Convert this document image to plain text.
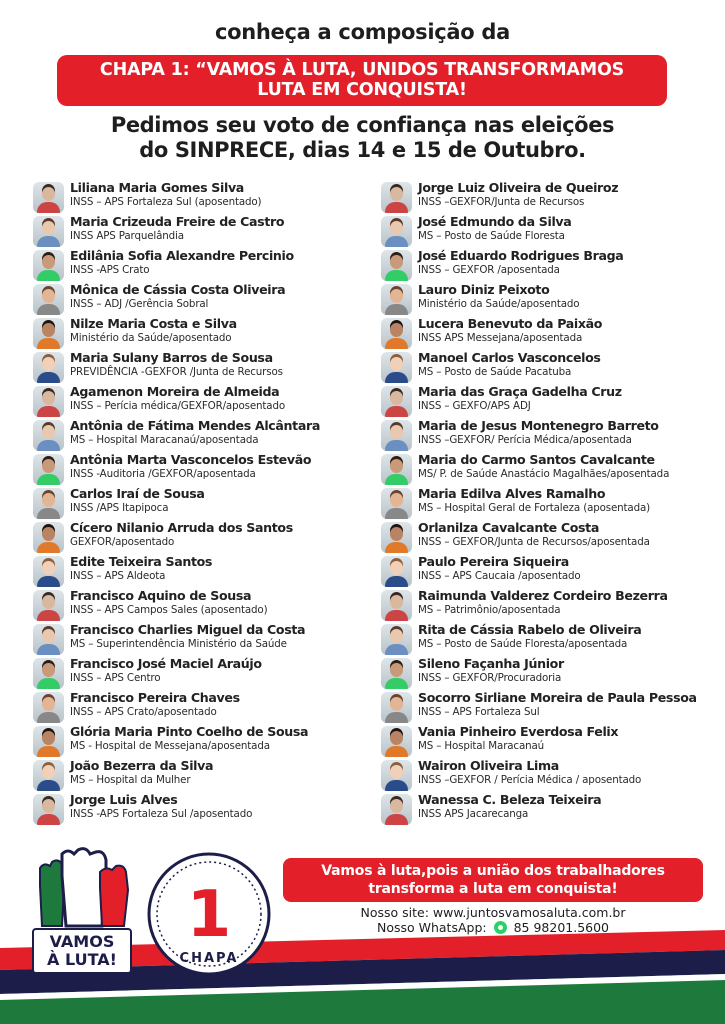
conheça a composição da
CHAPA 1: “VAMOS À LUTA, UNIDOS TRANSFORMAMOS
LUTA EM CONQUISTA!
Pedimos seu voto de confiança nas eleições
do SINPRECE, dias 14 e 15 de Outubro.
Liliana Maria Gomes Silva
INSS – APS Fortaleza Sul (aposentado)
Maria Crizeuda Freire de Castro
INSS APS Parquelândia
Edilânia Sofia Alexandre Percinio
INSS -APS Crato
Mônica de Cássia Costa Oliveira
INSS – ADJ /Gerência Sobral
Nilze Maria Costa e Silva
Ministério da Saúde/aposentado
Maria Sulany Barros de Sousa
PREVIDÊNCIA -GEXFOR /Junta de Recursos
Agamenon Moreira de Almeida
INSS – Perícia médica/GEXFOR/aposentado
Antônia de Fátima Mendes Alcântara
MS – Hospital Maracanaú/aposentada
Antônia Marta Vasconcelos Estevão
INSS -Auditoria /GEXFOR/aposentada
Carlos Iraí de Sousa
INSS /APS Itapipoca
Cícero Nilanio Arruda dos Santos
GEXFOR/aposentado
Edite Teixeira Santos
INSS – APS Aldeota
Francisco Aquino de Sousa
INSS – APS Campos Sales (aposentado)
Francisco Charlies Miguel da Costa
MS – Superintendência Ministério da Saúde
Francisco José Maciel Araújo
INSS – APS Centro
Francisco Pereira Chaves
INSS – APS Crato/aposentado
Glória Maria Pinto Coelho de Sousa
MS - Hospital de Messejana/aposentada
João Bezerra da Silva
MS – Hospital da Mulher
Jorge Luis Alves
INSS -APS Fortaleza Sul /aposentado
Jorge Luiz Oliveira de Queiroz
INSS –GEXFOR/Junta de Recursos
José Edmundo da Silva
MS – Posto de Saúde Floresta
José Eduardo Rodrigues Braga
INSS – GEXFOR /aposentada
Lauro Diniz Peixoto
Ministério da Saúde/aposentado
Lucera Benevuto da Paixão
INSS APS Messejana/aposentada
Manoel Carlos Vasconcelos
MS – Posto de Saúde Pacatuba
Maria das Graça Gadelha Cruz
INSS – GEXFO/APS ADJ
Maria de Jesus Montenegro Barreto
INSS –GEXFOR/ Perícia Médica/aposentada
Maria do Carmo Santos Cavalcante
MS/ P. de Saúde Anastácio Magalhães/aposentada
Maria Edilva Alves Ramalho
MS – Hospital Geral de Fortaleza (aposentada)
Orlanilza Cavalcante Costa
INSS – GEXFOR/Junta de Recursos/aposentada
Paulo Pereira Siqueira
INSS – APS Caucaia /aposentado
Raimunda Valderez Cordeiro Bezerra
MS – Patrimônio/aposentada
Rita de Cássia Rabelo de Oliveira
MS – Posto de Saúde Floresta/aposentada
Sileno Façanha Júnior
INSS – GEXFOR/Procuradoria
Socorro Sirliane Moreira de Paula Pessoa
INSS – APS Fortaleza Sul
Vania Pinheiro Everdosa Felix
MS – Hospital Maracanaú
Wairon Oliveira Lima
INSS –GEXFOR / Perícia Médica / aposentado
Wanessa C. Beleza Teixeira
INSS APS Jacarecanga
VAMOS
À LUTA!
1
CHAPA
Vamos à luta,pois a união dos trabalhadores
transforma a luta em conquista!
Nosso site: www.juntosvamosaluta.com.br
Nosso WhatsApp: 85 98201.5600
